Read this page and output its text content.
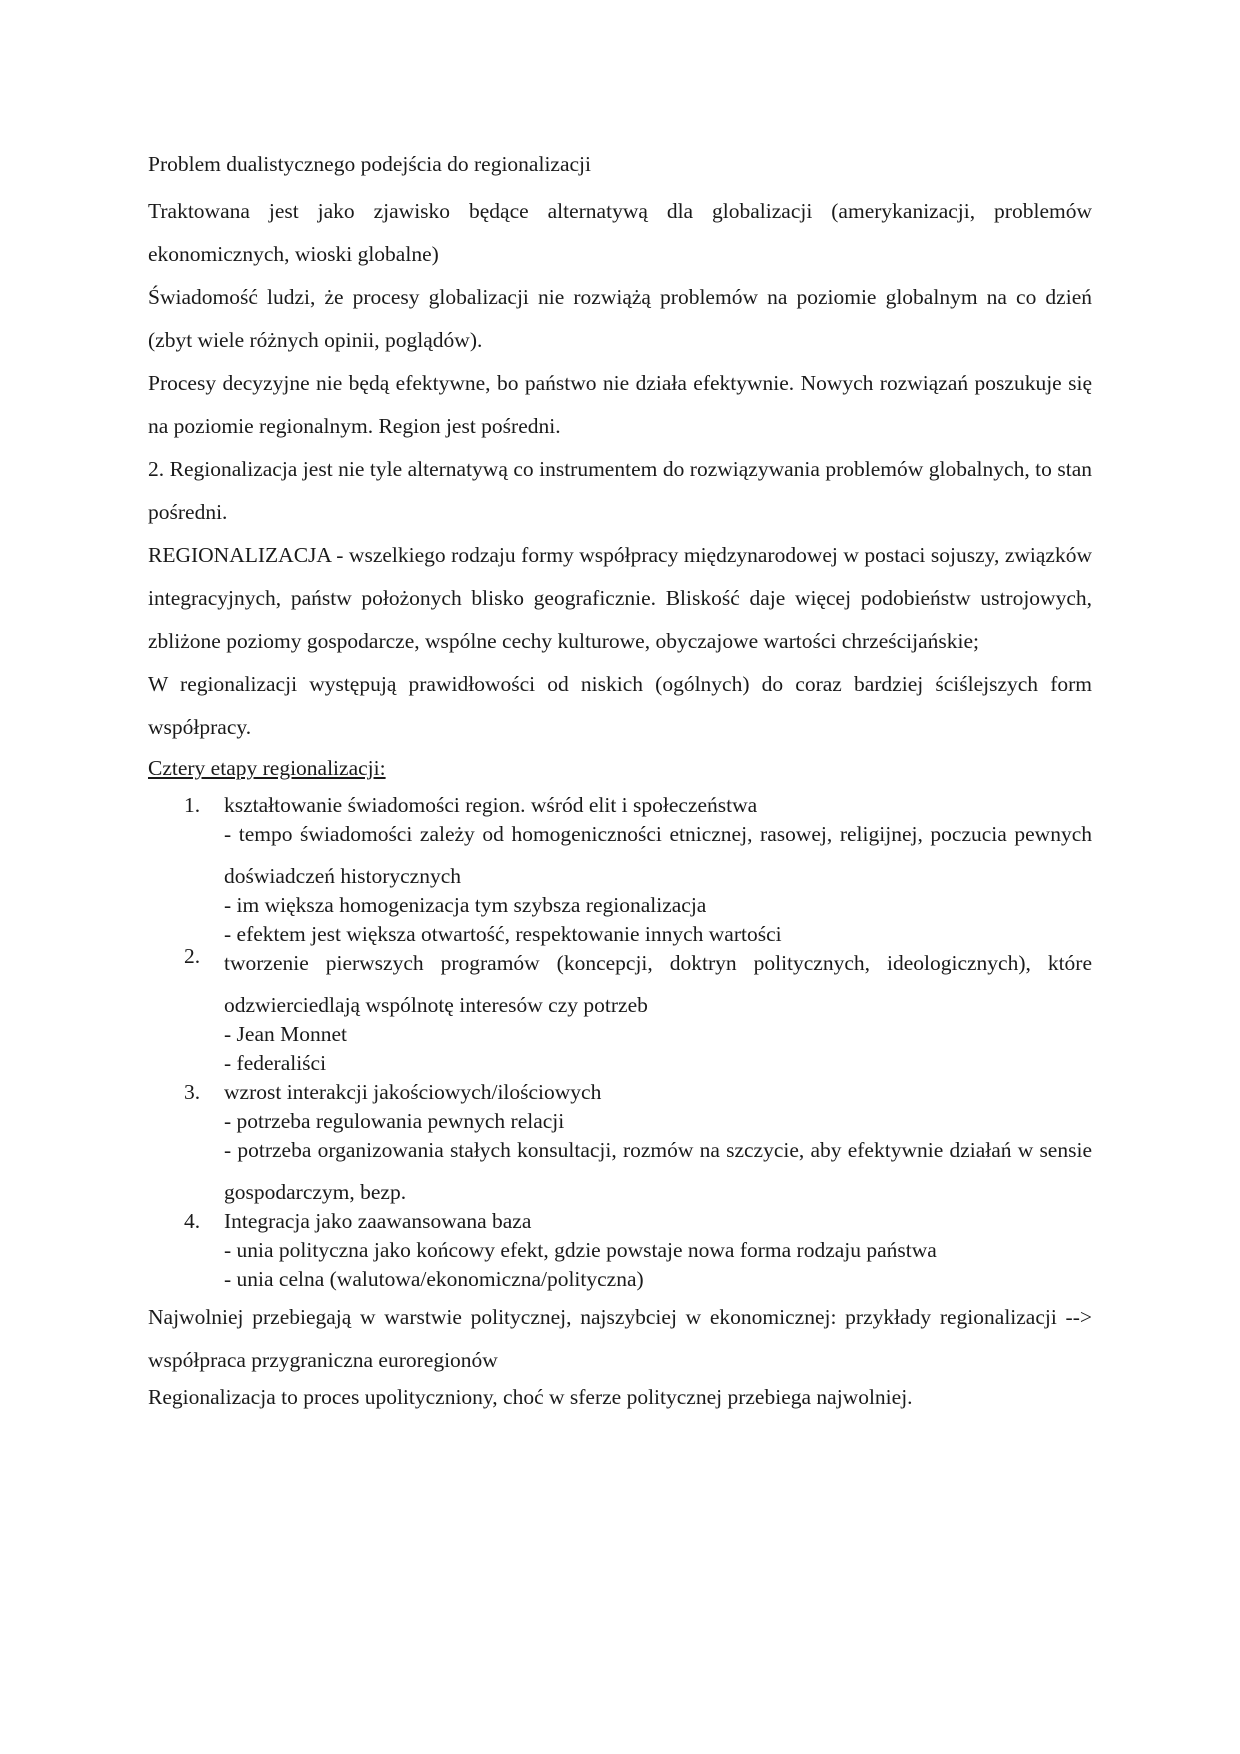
Problem dualistycznego podejścia do regionalizacji

Traktowana jest jako zjawisko będące alternatywą dla globalizacji (amerykanizacji, problemów ekonomicznych, wioski globalne)

Świadomość ludzi, że procesy globalizacji nie rozwiążą problemów na poziomie globalnym na co dzień (zbyt wiele różnych opinii, poglądów).

Procesy decyzyjne nie będą efektywne, bo państwo nie działa efektywnie. Nowych rozwiązań poszukuje się na poziomie regionalnym. Region jest pośredni.

2. Regionalizacja jest nie tyle alternatywą co instrumentem do rozwiązywania problemów globalnych, to stan pośredni.

REGIONALIZACJA - wszelkiego rodzaju formy współpracy międzynarodowej w postaci sojuszy, związków integracyjnych, państw położonych blisko geograficznie. Bliskość daje więcej podobieństw ustrojowych, zbliżone poziomy gospodarcze, wspólne cechy kulturowe, obyczajowe wartości chrześcijańskie;

W regionalizacji występują prawidłowości od niskich (ogólnych) do coraz bardziej ściślejszych form współpracy.

Cztery etapy regionalizacji:

1. kształtowanie świadomości region. wśród elit i społeczeństwa
- tempo świadomości zależy od homogeniczności etnicznej, rasowej, religijnej, poczucia pewnych doświadczeń historycznych
- im większa homogenizacja tym szybsza regionalizacja
- efektem jest większa otwartość, respektowanie innych wartości
2. tworzenie pierwszych programów (koncepcji, doktryn politycznych, ideologicznych), które odzwierciedlają wspólnotę interesów czy potrzeb
- Jean Monnet
- federaliści
3. wzrost interakcji jakościowych/ilościowych
- potrzeba regulowania pewnych relacji
- potrzeba organizowania stałych konsultacji, rozmów na szczycie, aby efektywnie działań w sensie gospodarczym, bezp.
4. Integracja jako zaawansowana baza
- unia polityczna jako końcowy efekt, gdzie powstaje nowa forma rodzaju państwa
- unia celna (walutowa/ekonomiczna/polityczna)

Najwolniej przebiegają w warstwie politycznej, najszybciej w ekonomicznej: przykłady regionalizacji --> współpraca przygraniczna euroregionów

Regionalizacja to proces upolityczniony, choć w sferze politycznej przebiega najwolniej.
